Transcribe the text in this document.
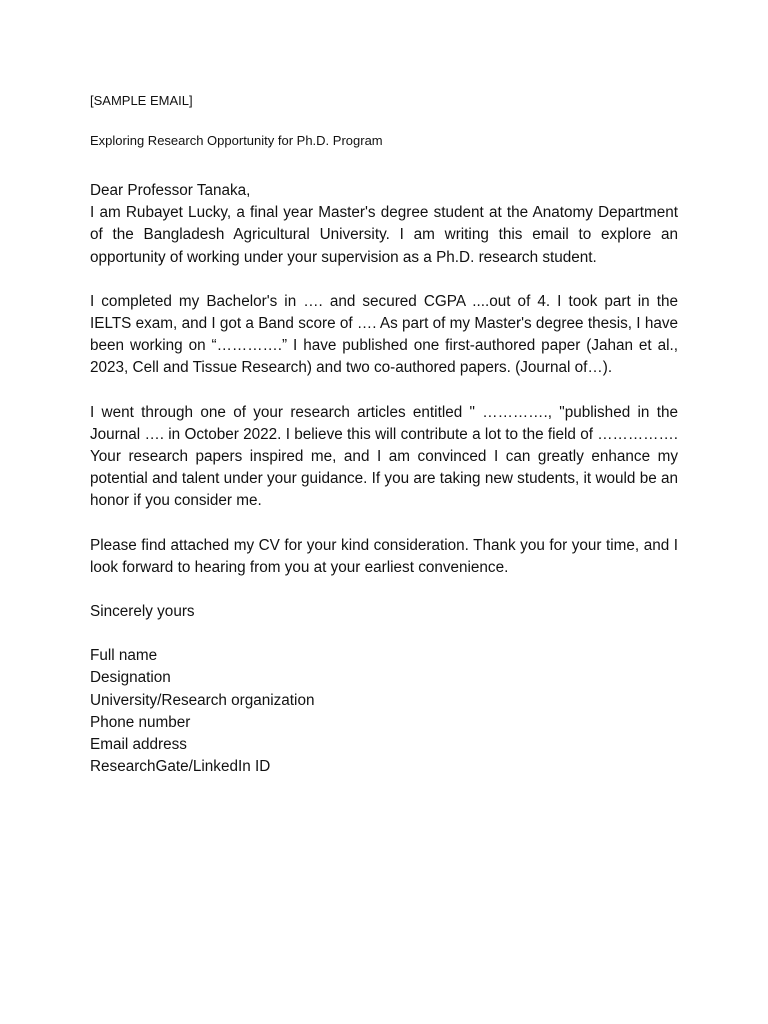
[SAMPLE EMAIL]

Exploring Research Opportunity for Ph.D. Program

Dear Professor Tanaka,

I am Rubayet Lucky, a final year Master's degree student at the Anatomy Department of the Bangladesh Agricultural University. I am writing this email to explore an opportunity of working under your supervision as a Ph.D. research student.

I completed my Bachelor's in …. and secured CGPA ....out of 4. I took part in the IELTS exam, and I got a Band score of …. As part of my Master's degree thesis, I have been working on “………….” I have published one first-authored paper (Jahan et al., 2023, Cell and Tissue Research) and two co-authored papers. (Journal of…).

I went through one of your research articles entitled " …………., "published in the Journal …. in October 2022. I believe this will contribute a lot to the field of ……………. Your research papers inspired me, and I am convinced I can greatly enhance my potential and talent under your guidance. If you are taking new students, it would be an honor if you consider me.

Please find attached my CV for your kind consideration. Thank you for your time, and I look forward to hearing from you at your earliest convenience.

Sincerely yours

Full name
Designation
University/Research organization
Phone number
Email address
ResearchGate/LinkedIn ID
